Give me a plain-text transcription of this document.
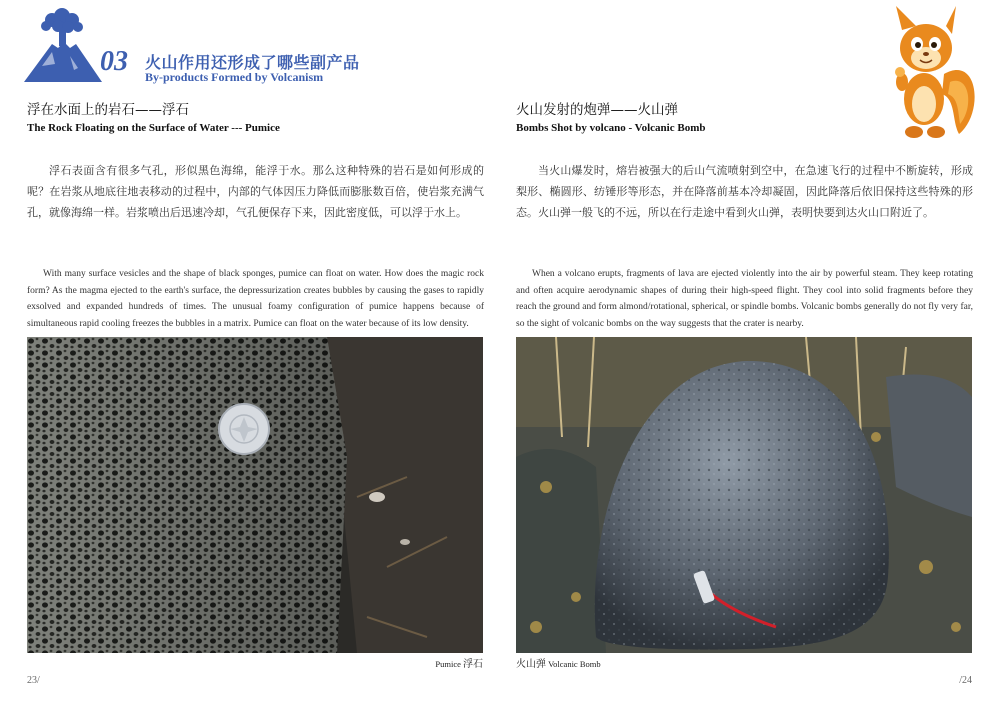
03 火山作用还形成了哪些副产品
By-products Formed by Volcanism
浮在水面上的岩石——浮石
The Rock Floating on the Surface of Water --- Pumice

浮石表面含有很多气孔，形似黑色海绵，能浮于水。那么这种特殊的岩石是如何形成的呢？在岩浆从地底往地表移动的过程中，内部的气体因压力降低而膨胀数百倍，使岩浆充满气孔，就像海绵一样。岩浆喷出后迅速冷却，气孔便保存下来，因此密度低，可以浮于水上。

With many surface vesicles and the shape of black sponges, pumice can float on water. How does the magic rock form? As the magma ejected to the earth's surface, the depressurization creates bubbles by causing the gases to rapidly exsolved and expanded hundreds of times. The unusual foamy configuration of pumice happens because of simultaneous rapid cooling freezes the bubbles in a matrix. Pumice can float on the water because of its low density.

火山发射的炮弹——火山弹
Bombs Shot by volcano - Volcanic Bomb

当火山爆发时，熔岩被强大的后山气流喷射到空中，在急速飞行的过程中不断旋转，形成梨形、椭圆形、纺锤形等形态，并在降落前基本冷却凝固，因此降落后依旧保持这些特殊的形态。火山弹一般飞的不远，所以在行走途中看到火山弹，表明快要到达火山口附近了。

When a volcano erupts, fragments of lava are ejected violently into the air by powerful steam. They keep rotating and often acquire aerodynamic shapes of during their high-speed flight. They cool into solid fragments before they reach the ground and form almond/rotational, spherical, or spindle bombs. Volcanic bombs generally do not fly very far, so the sight of volcanic bombs on the way suggests that the crater is nearby.

Pumice 浮石	火山弹 Volcanic Bomb
23/	/24
